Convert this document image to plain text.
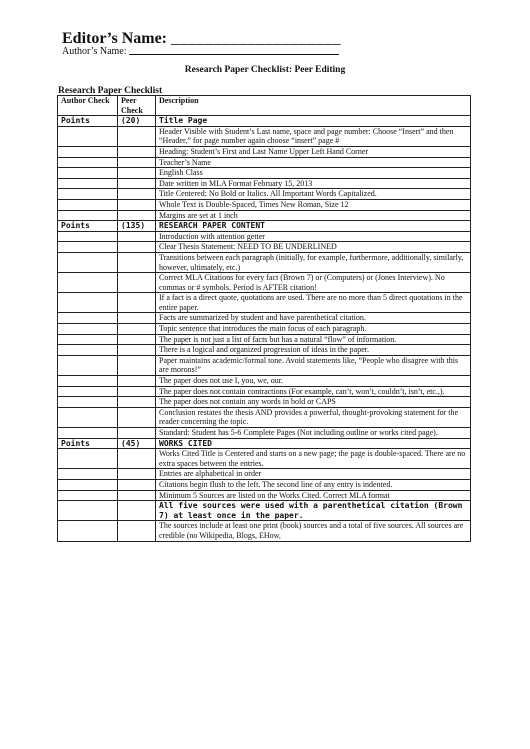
Editor’s Name: ____________________
Author’s Name:
Research Paper Checklist: Peer Editing
Research Paper Checklist
Author Check	Peer Check	Description
Points	(20)	Title Page
		Header Visible with Student’s Last name, space and page number: Choose “Insert” and then “Header,” for page number again choose “insert” page #
		Heading: Student’s First and Last Name Upper Left Hand Corner
		Teacher’s Name
		English Class
		Date written in MLA Format February 15, 2013
		Title Centered: No Bold or Italics. All Important Words Capitalized.
		Whole Text is Double-Spaced, Times New Roman, Size 12
		Margins are set at 1 inch
Points	(135)	RESEARCH PAPER CONTENT
		Introduction with attention getter
		Clear Thesis Statement: NEED TO BE UNDERLINED
		Transitions between each paragraph (initially, for example, furthermore, additionally, similarly, however, ultimately, etc.)
		Correct MLA Citations for every fact (Brown 7) or (Computers) or (Jones Interview). No commas or # symbols. Period is AFTER citation!
		If a fact is a direct quote, quotations are used. There are no more than 5 direct quotations in the entire paper.
		Facts are summarized by student and have parenthetical citation.
		Topic sentence that introduces the main focus of each paragraph.
		The paper is not just a list of facts but has a natural “flow” of information.
		There is a logical and organized progression of ideas in the paper.
		Paper maintains academic/formal tone. Avoid statements like, “People who disagree with this are morons!”
		The paper does not use I, you, we, our.
		The paper does not contain contractions (For example, can’t, won’t, couldn’t, isn’t, etc.,).
		The paper does not contain any words in bold or CAPS
		Conclusion restates the thesis AND provides a powerful, thought-provoking statement for the reader concerning the topic.
		Standard: Student has 5-6 Complete Pages (Not including outline or works cited page).
Points	(45)	WORKS CITED
		Works Cited Title is Centered and starts on a new page; the page is double-spaced. There are no extra spaces between the entries.
		Entries are alphabetical in order
		Citations begin flush to the left. The second line of any entry is indented.
		Minimum 5 Sources are listed on the Works Cited. Correct MLA format
		All five sources were used with a parenthetical citation (Brown 7) at least once in the paper.
		The sources include at least one print (book) sources and a total of five sources. All sources are credible (no Wikipedia, Blogs, EHow,
